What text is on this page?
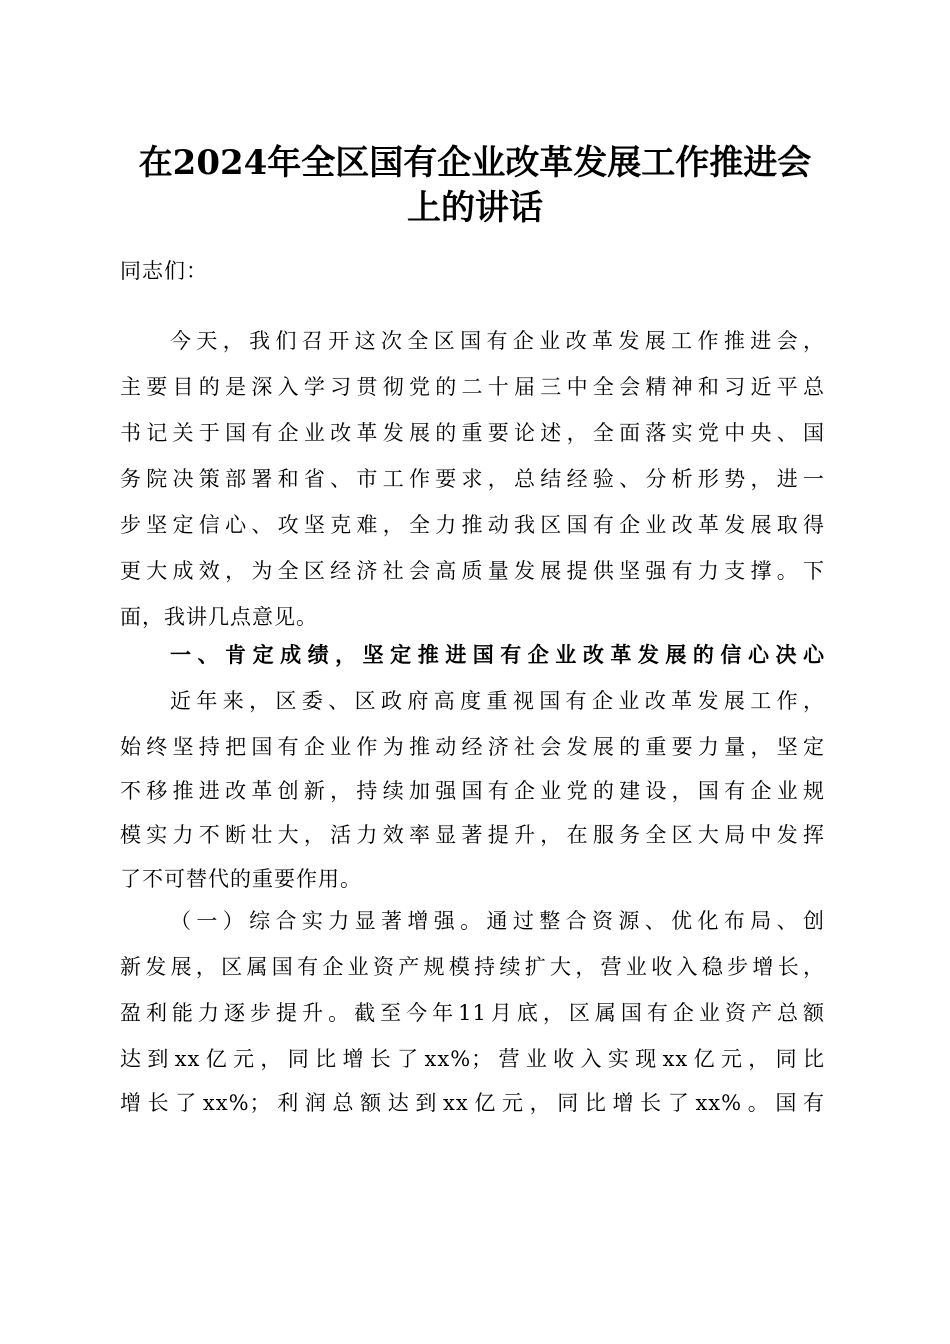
在2024年全区国有企业改革发展工作推进会
上的讲话

同志们：

今天，我们召开这次全区国有企业改革发展工作推进会，

主要目的是深入学习贯彻党的二十届三中全会精神和习近平总

书记关于国有企业改革发展的重要论述，全面落实党中央、国

务院决策部署和省、市工作要求，总结经验、分析形势，进一

步坚定信心、攻坚克难，全力推动我区国有企业改革发展取得

更大成效，为全区经济社会高质量发展提供坚强有力支撑。下

面，我讲几点意见。

一、肯定成绩，坚定推进国有企业改革发展的信心决心

近年来，区委、区政府高度重视国有企业改革发展工作，

始终坚持把国有企业作为推动经济社会发展的重要力量，坚定

不移推进改革创新，持续加强国有企业党的建设，国有企业规

模实力不断壮大，活力效率显著提升，在服务全区大局中发挥

了不可替代的重要作用。

（一）综合实力显著增强。通过整合资源、优化布局、创

新发展，区属国有企业资产规模持续扩大，营业收入稳步增长，

盈利能力逐步提升。截至今年11月底，区属国有企业资产总额

达到xx亿元，同比增长了xx%；营业收入实现xx亿元，同比

增长了xx%；利润总额达到xx亿元，同比增长了xx%。国有
